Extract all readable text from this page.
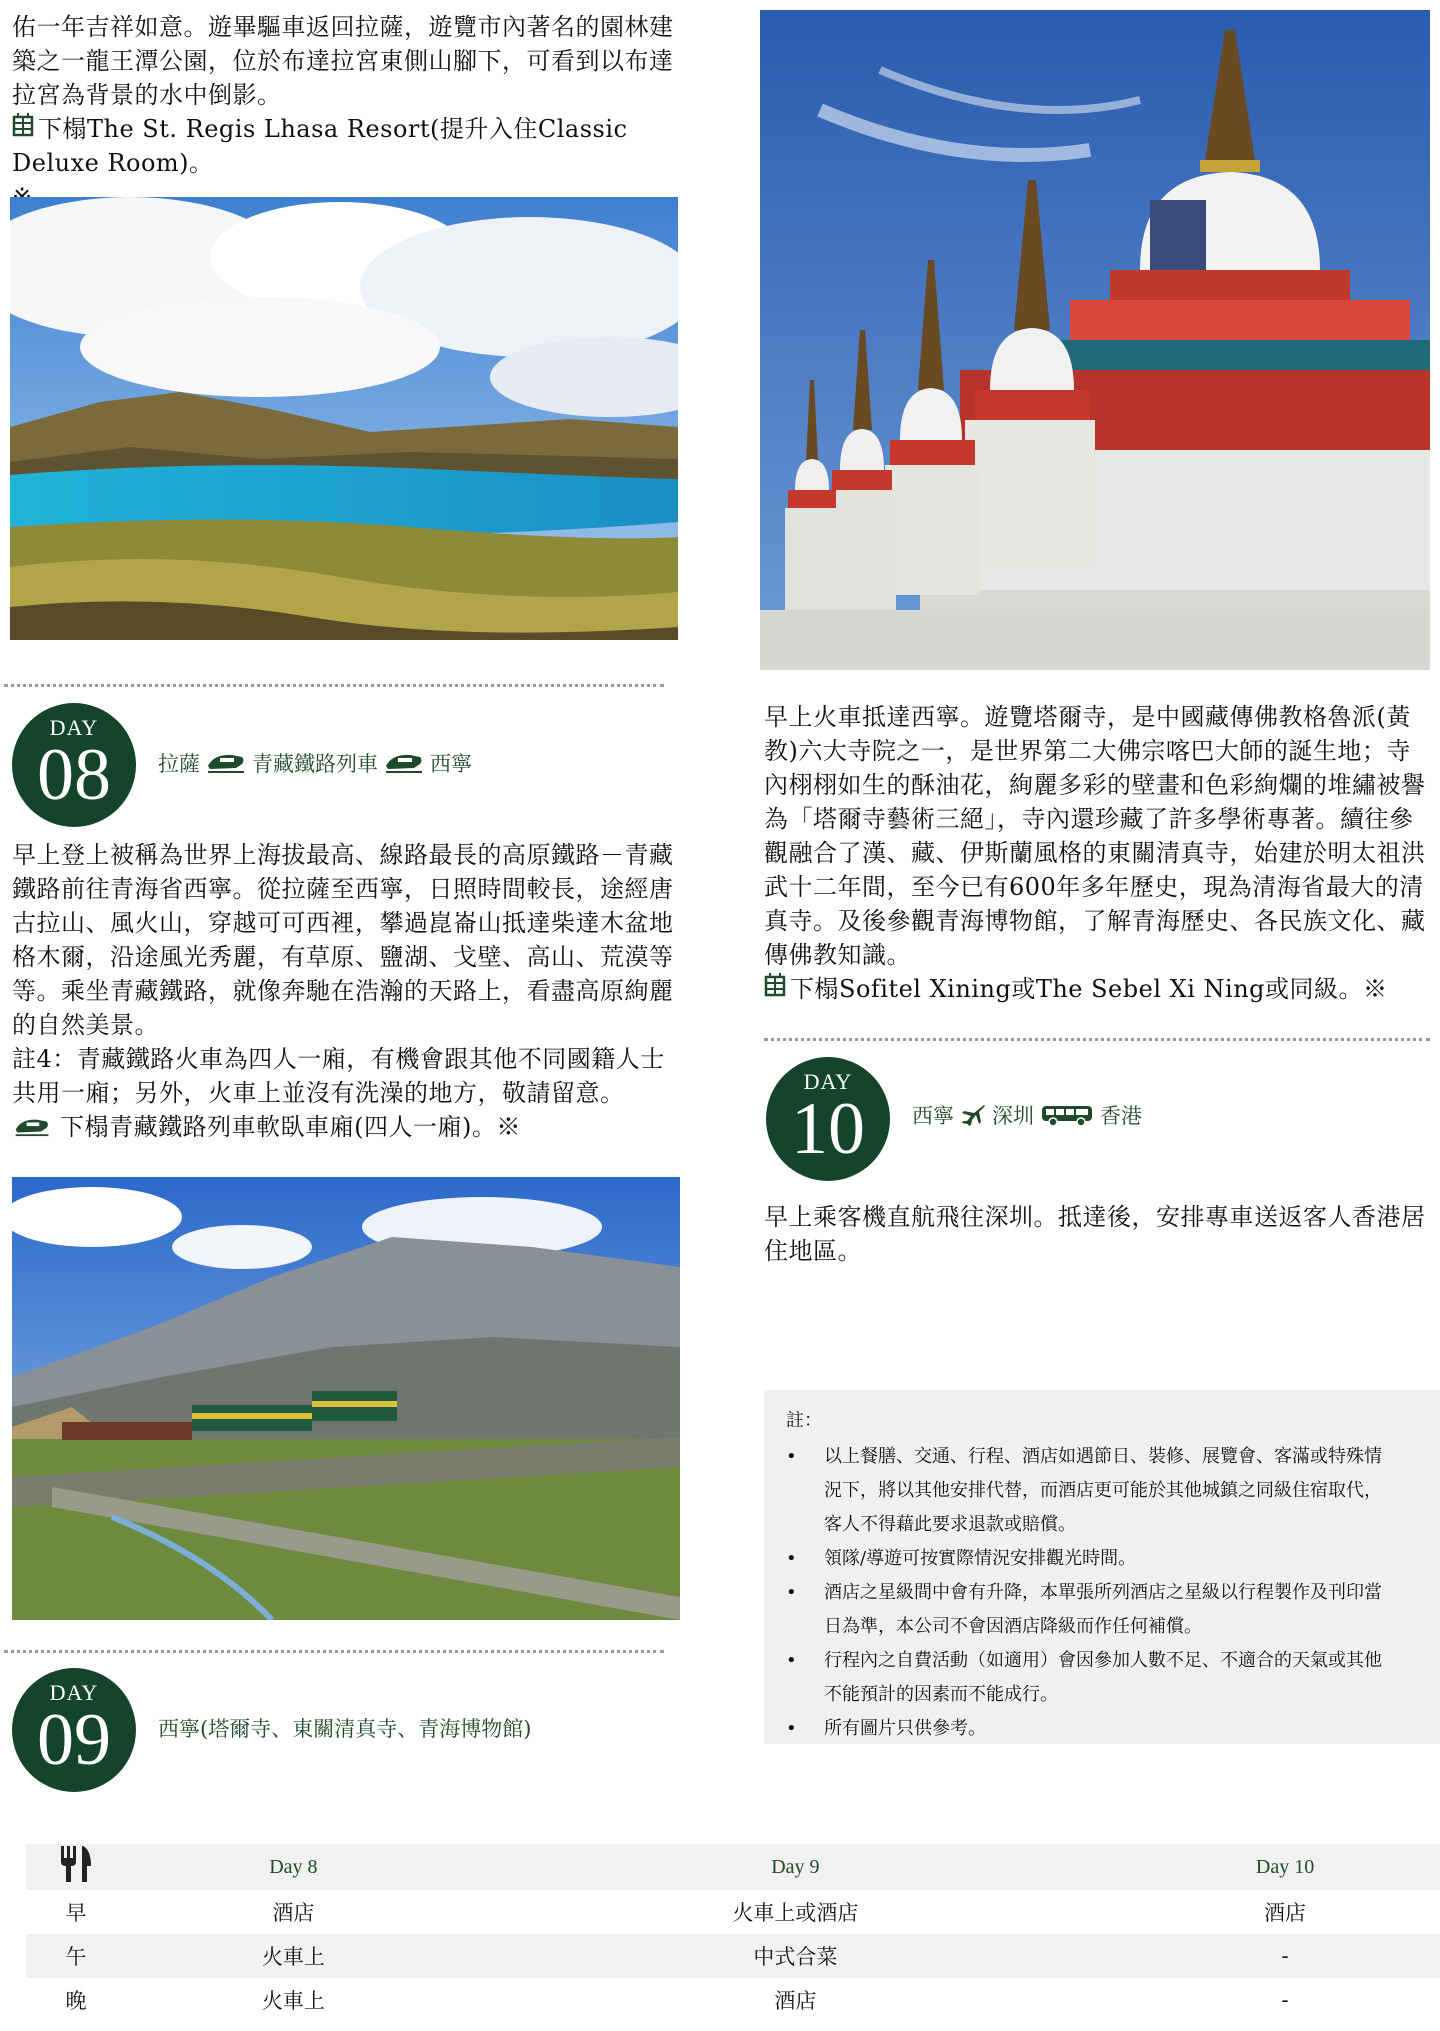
佑一年吉祥如意。遊畢驅車返回拉薩，遊覽市內著名的園林建
築之一龍王潭公園，位於布達拉宮東側山腳下，可看到以布達
拉宮為背景的水中倒影。
下榻The St. Regis Lhasa Resort(提升入住Classic Deluxe Room)。
DAY
08	拉薩 青藏鐵路列車 西寧
早上登上被稱為世界上海拔最高、線路最長的高原鐵路－青藏
鐵路前往青海省西寧。從拉薩至西寧，日照時間較長，途經唐
古拉山、風火山，穿越可可西裡，攀過崑崙山抵達柴達木盆地
格木爾，沿途風光秀麗，有草原、鹽湖、戈壁、高山、荒漠等
等。乘坐青藏鐵路，就像奔馳在浩瀚的天路上，看盡高原絢麗
的自然美景。
註4：青藏鐵路火車為四人一廂，有機會跟其他不同國籍人士
共用一廂；另外，火車上並沒有洗澡的地方，敬請留意。
下榻青藏鐵路列車軟臥車廂(四人一廂)。※
DAY
09	西寧(塔爾寺、東關清真寺、青海博物館)
早上火車抵達西寧。遊覽塔爾寺，是中國藏傳佛教格魯派(黃
教)六大寺院之一，是世界第二大佛宗喀巴大師的誕生地；寺
內栩栩如生的酥油花，絢麗多彩的壁畫和色彩絢爛的堆繡被譽
為「塔爾寺藝術三絕」，寺內還珍藏了許多學術專著。續往參
觀融合了漢、藏、伊斯蘭風格的東關清真寺，始建於明太祖洪
武十二年間，至今已有600年多年歷史，現為清海省最大的清
真寺。及後參觀青海博物館，了解青海歷史、各民族文化、藏
傳佛教知識。
下榻Sofitel Xining或The Sebel Xi Ning或同級。※
DAY
10	西寧 深圳	香港
早上乘客機直航飛往深圳。抵達後，安排專車送返客人香港居
住地區。
註：
• 以上餐膳、交通、行程、酒店如遇節日、裝修、展覽會、客滿或特殊情
況下，將以其他安排代替，而酒店更可能於其他城鎮之同級住宿取代，
客人不得藉此要求退款或賠償。
• 領隊/導遊可按實際情況安排觀光時間。
• 酒店之星級間中會有升降，本單張所列酒店之星級以行程製作及刊印當
日為準，本公司不會因酒店降級而作任何補償。
• 行程內之自費活動（如適用）會因參加人數不足、不適合的天氣或其他
不能預計的因素而不能成行。
• 所有圖片只供參考。
	Day 8	Day 9	Day 10
早	酒店	火車上或酒店	酒店
午	火車上	中式合菜	-
晚	火車上	酒店	-
